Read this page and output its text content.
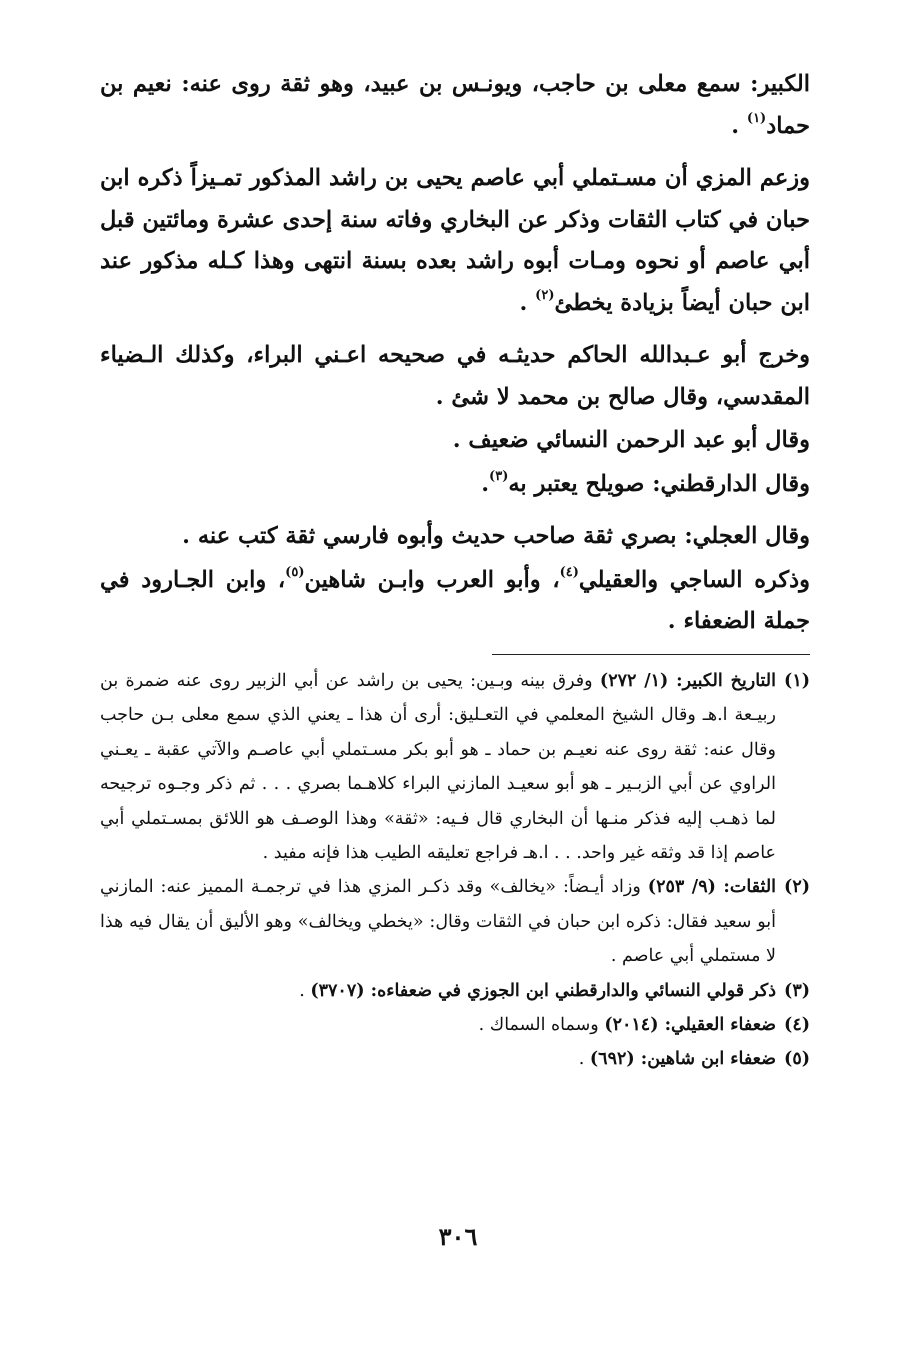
الكبير: سمع معلى بن حاجب، ويونـس بن عبيد، وهو ثقة روى عنه: نعيم بن حماد$^{(١)}$ .

وزعم المزي أن مسـتملي أبي عاصم يحيى بن راشد المذكور تمـيزاً ذكره ابن حبان في كتاب الثقات وذكر عن البخاري وفاته سنة إحدى عشرة ومائتين قبل أبي عاصم أو نحوه ومـات أبوه راشد بعده بسنة انتهى وهذا كـله مذكور عند ابن حبان أيضاً بزيادة يخطئ$^{(٢)}$ .

وخرج أبو عـبدالله الحاكم حديثـه في صحيحه اعـني البراء، وكذلك الـضياء المقدسي، وقال صالح بن محمد لا شئ .

وقال أبو عبد الرحمن النسائي ضعيف .

وقال الدارقطني: صويلح يعتبر به$^{(٣)}$.

وقال العجلي: بصري ثقة صاحب حديث وأبوه فارسي ثقة كتب عنه .

وذكره الساجي والعقيلي$^{(٤)}$، وأبو العرب وابـن شاهين$^{(٥)}$، وابن الجـارود في جملة الضعفاء .

(١)
التاريخ الكبير: (١/ ٢٧٢) وفرق بينه وبـين: يحيى بن راشد عن أبي الزبير روى عنه ضمرة بن ربيـعة ا.هـ وقال الشيخ المعلمي في التعـليق: أرى أن هذا ـ يعني الذي سمع معلى بـن حاجب وقال عنه: ثقة روى عنه نعيـم بن حماد ـ هو أبو بكر مسـتملي أبي عاصـم والآتي عقبة ـ يعـني الراوي عن أبي الزبـير ـ هو أبو سعيـد المازني البراء كلاهـما بصري . . . ثم ذكر وجـوه ترجيحه لما ذهـب إليه فذكر منـها أن البخاري قال فـيه: «ثقة» وهذا الوصـف هو اللائق بمسـتملي أبي عاصم إذا قد وثقه غير واحد. . . ا.هـ فراجع تعليقه الطيب هذا فإنه مفيد .
(٢)
الثقات: (٩/ ٢٥٣) وزاد أيـضاً: «يخالف» وقد ذكـر المزي هذا في ترجمـة المميز عنه: المازني أبو سعيد فقال: ذكره ابن حبان في الثقات وقال: «يخطي ويخالف» وهو الأليق أن يقال فيه هذا لا مستملي أبي عاصم .
(٣)
ذكر قولي النسائي والدارقطني ابن الجوزي في ضعفاءه: (٣٧٠٧) .
(٤)
ضعفاء العقيلي: (٢٠١٤) وسماه السماك .
(٥)
ضعفاء ابن شاهين: (٦٩٢) .
٣٠٦
